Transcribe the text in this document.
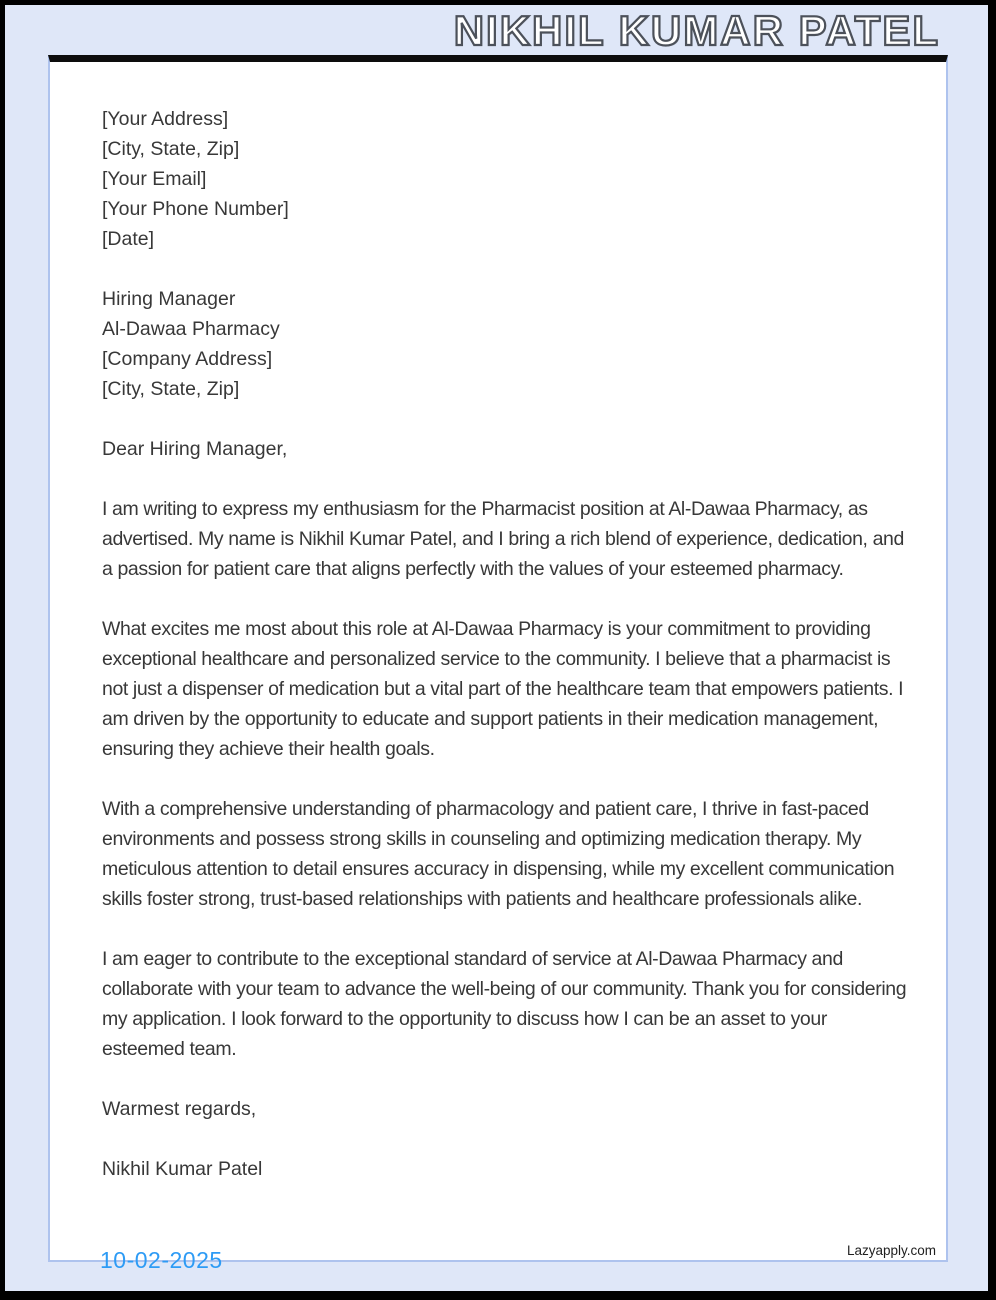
NIKHIL KUMAR PATEL
[Your Address]
[City, State, Zip]
[Your Email]
[Your Phone Number]
[Date]
Hiring Manager
Al-Dawaa Pharmacy
[Company Address]
[City, State, Zip]
Dear Hiring Manager,

I am writing to express my enthusiasm for the Pharmacist position at Al-Dawaa Pharmacy, as advertised. My name is Nikhil Kumar Patel, and I bring a rich blend of experience, dedication, and a passion for patient care that aligns perfectly with the values of your esteemed pharmacy.

What excites me most about this role at Al-Dawaa Pharmacy is your commitment to providing exceptional healthcare and personalized service to the community. I believe that a pharmacist is not just a dispenser of medication but a vital part of the healthcare team that empowers patients. I am driven by the opportunity to educate and support patients in their medication management, ensuring they achieve their health goals.

With a comprehensive understanding of pharmacology and patient care, I thrive in fast-paced environments and possess strong skills in counseling and optimizing medication therapy. My meticulous attention to detail ensures accuracy in dispensing, while my excellent communication skills foster strong, trust-based relationships with patients and healthcare professionals alike.

I am eager to contribute to the exceptional standard of service at Al-Dawaa Pharmacy and collaborate with your team to advance the well-being of our community. Thank you for considering my application. I look forward to the opportunity to discuss how I can be an asset to your esteemed team.

Warmest regards,
Nikhil Kumar Patel
Lazyapply.com
10-02-2025
